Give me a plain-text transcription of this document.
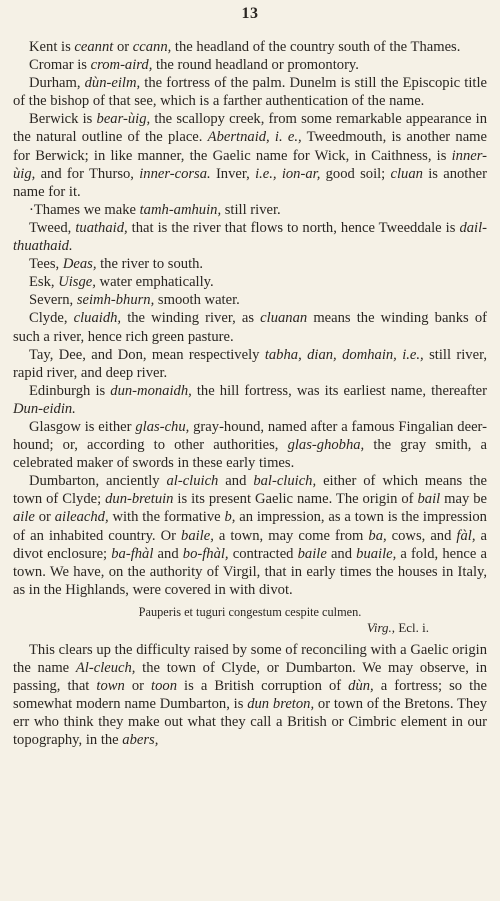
13

Kent is ceannt or ccann, the headland of the country south of the Thames.

Cromar is crom-aird, the round headland or promontory.

Durham, dùn-eilm, the fortress of the palm. Dunelm is still the Episcopic title of the bishop of that see, which is a farther authentication of the name.

Berwick is bear-ùig, the scallopy creek, from some remarkable appearance in the natural outline of the place. Abertnaid, i. e., Tweedmouth, is another name for Berwick; in like manner, the Gaelic name for Wick, in Caithness, is inner-ùig, and for Thurso, inner-corsa. Inver, i.e., ion-ar, good soil; cluan is another name for it.

·Thames we make tamh-amhuin, still river.

Tweed, tuathaid, that is the river that flows to north, hence Tweeddale is dail-thuathaid.

Tees, Deas, the river to south.

Esk, Uisge, water emphatically.

Severn, seimh-bhurn, smooth water.

Clyde, cluaidh, the winding river, as cluanan means the winding banks of such a river, hence rich green pasture.

Tay, Dee, and Don, mean respectively tabha, dian, domhain, i.e., still river, rapid river, and deep river.

Edinburgh is dun-monaidh, the hill fortress, was its earliest name, thereafter Dun-eidin.

Glasgow is either glas-chu, gray-hound, named after a famous Fingalian deer-hound; or, according to other authorities, glas-ghobha, the gray smith, a celebrated maker of swords in these early times.

Dumbarton, anciently al-cluich and bal-cluich, either of which means the town of Clyde; dun-bretuin is its present Gaelic name. The origin of bail may be aile or aileachd, with the formative b, an impression, as a town is the impression of an inhabited country. Or baile, a town, may come from ba, cows, and fàl, a divot enclosure; ba-fhàl and bo-fhàl, contracted baile and buaile, a fold, hence a town. We have, on the authority of Virgil, that in early times the houses in Italy, as in the Highlands, were covered in with divot.

Pauperis et tuguri congestum cespite culmen.
Virg., Ecl. i.

This clears up the difficulty raised by some of reconciling with a Gaelic origin the name Al-cleuch, the town of Clyde, or Dumbarton. We may observe, in passing, that town or toon is a British corruption of dùn, a fortress; so the somewhat modern name Dumbarton, is dun breton, or town of the Bretons. They err who think they make out what they call a British or Cimbric element in our topography, in the abers,
